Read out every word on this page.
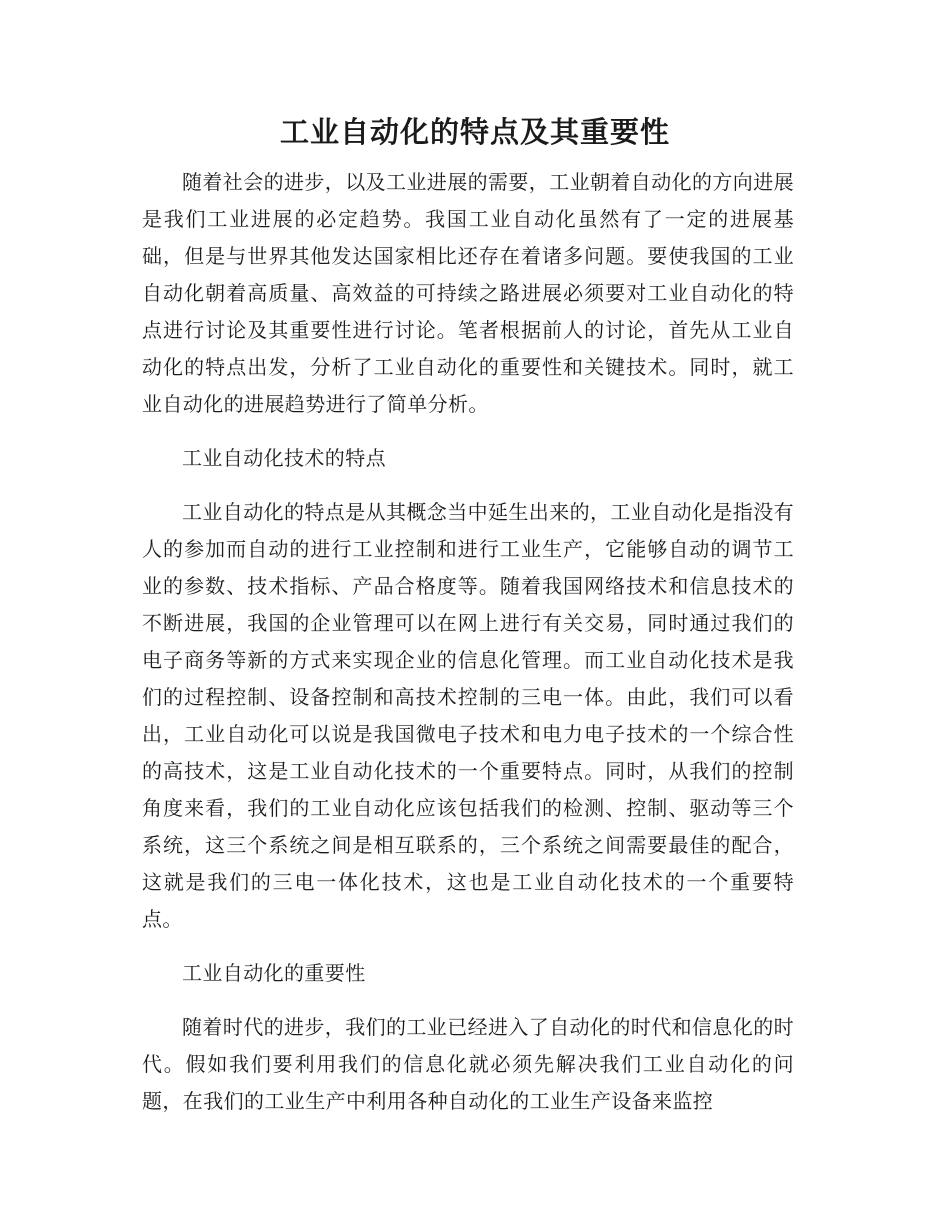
工业自动化的特点及其重要性

随着社会的进步，以及工业进展的需要，工业朝着自动化的方向进展是我们工业进展的必定趋势。我国工业自动化虽然有了一定的进展基础，但是与世界其他发达国家相比还存在着诸多问题。要使我国的工业自动化朝着高质量、高效益的可持续之路进展必须要对工业自动化的特点进行讨论及其重要性进行讨论。笔者根据前人的讨论，首先从工业自动化的特点出发，分析了工业自动化的重要性和关键技术。同时，就工业自动化的进展趋势进行了简单分析。

工业自动化技术的特点

工业自动化的特点是从其概念当中延生出来的，工业自动化是指没有人的参加而自动的进行工业控制和进行工业生产，它能够自动的调节工业的参数、技术指标、产品合格度等。随着我国网络技术和信息技术的不断进展，我国的企业管理可以在网上进行有关交易，同时通过我们的电子商务等新的方式来实现企业的信息化管理。而工业自动化技术是我们的过程控制、设备控制和高技术控制的三电一体。由此，我们可以看出，工业自动化可以说是我国微电子技术和电力电子技术的一个综合性的高技术，这是工业自动化技术的一个重要特点。同时，从我们的控制角度来看，我们的工业自动化应该包括我们的检测、控制、驱动等三个系统，这三个系统之间是相互联系的，三个系统之间需要最佳的配合，这就是我们的三电一体化技术，这也是工业自动化技术的一个重要特点。

工业自动化的重要性

随着时代的进步，我们的工业已经进入了自动化的时代和信息化的时代。假如我们要利用我们的信息化就必须先解决我们工业自动化的问题，在我们的工业生产中利用各种自动化的工业生产设备来监控
